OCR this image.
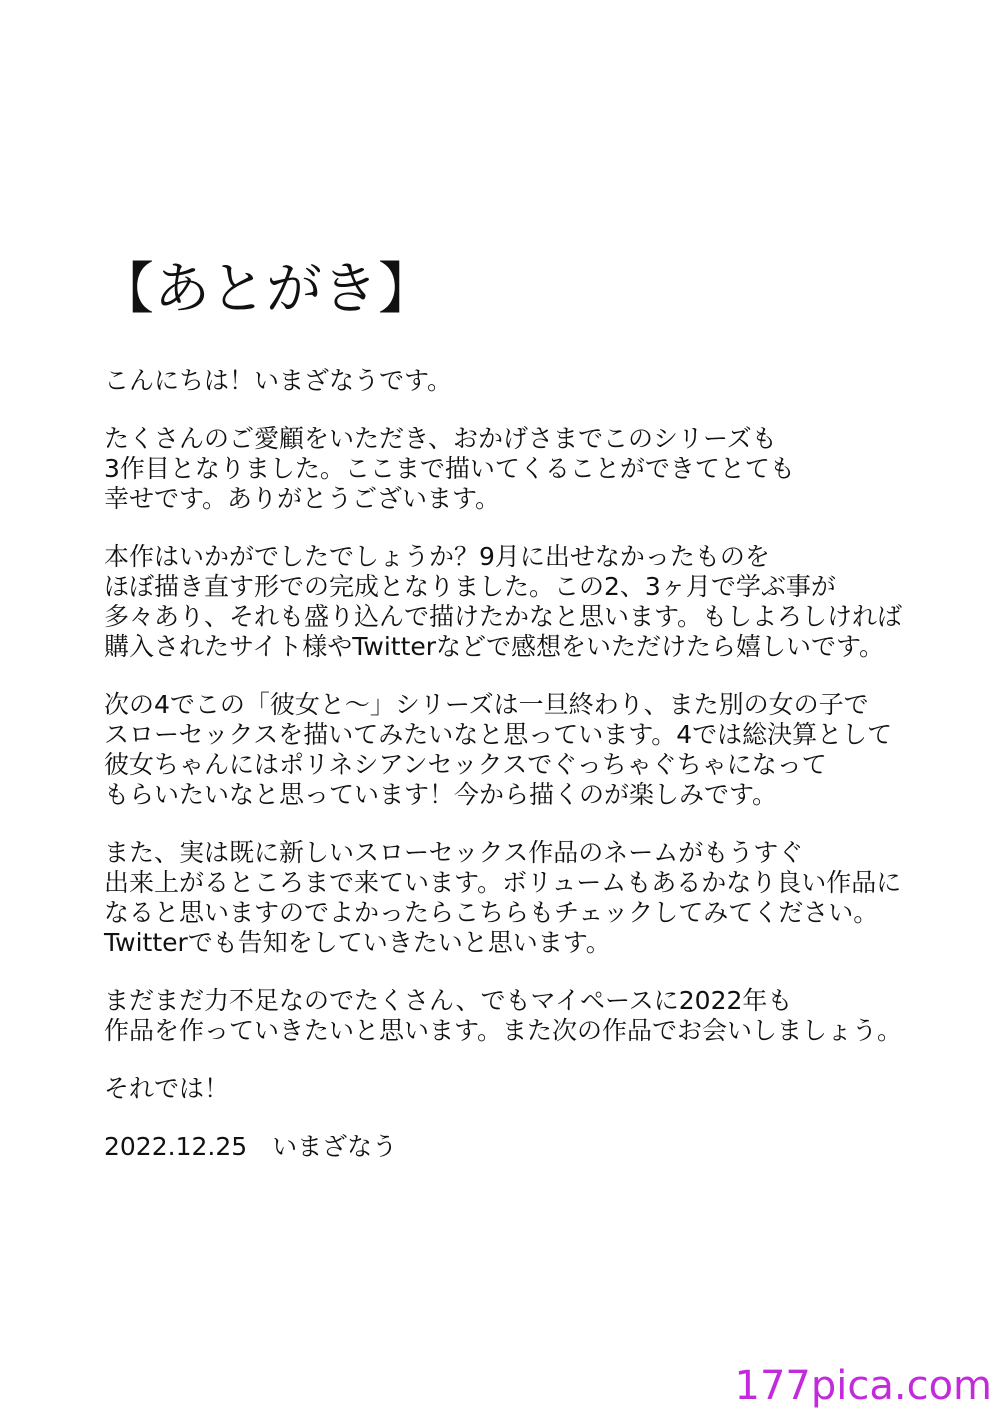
【あとがき】

こんにちは！いまざなうです。

たくさんのご愛顧をいただき、おかげさまでこのシリーズも
3作目となりました。ここまで描いてくることができてとても
幸せです。ありがとうございます。

本作はいかがでしたでしょうか？9月に出せなかったものを
ほぼ描き直す形での完成となりました。この2、3ヶ月で学ぶ事が
多々あり、それも盛り込んで描けたかなと思います。もしよろしければ
購入されたサイト様やTwitterなどで感想をいただけたら嬉しいです。

次の4でこの「彼女と～」シリーズは一旦終わり、また別の女の子で
スローセックスを描いてみたいなと思っています。4では総決算として
彼女ちゃんにはポリネシアンセックスでぐっちゃぐちゃになって
もらいたいなと思っています！今から描くのが楽しみです。

また、実は既に新しいスローセックス作品のネームがもうすぐ
出来上がるところまで来ています。ボリュームもあるかなり良い作品に
なると思いますのでよかったらこちらもチェックしてみてください。
Twitterでも告知をしていきたいと思います。

まだまだ力不足なのでたくさん、でもマイペースに2022年も
作品を作っていきたいと思います。また次の作品でお会いしましょう。

それでは！

2022.12.25　いまざなう

177pica.com
